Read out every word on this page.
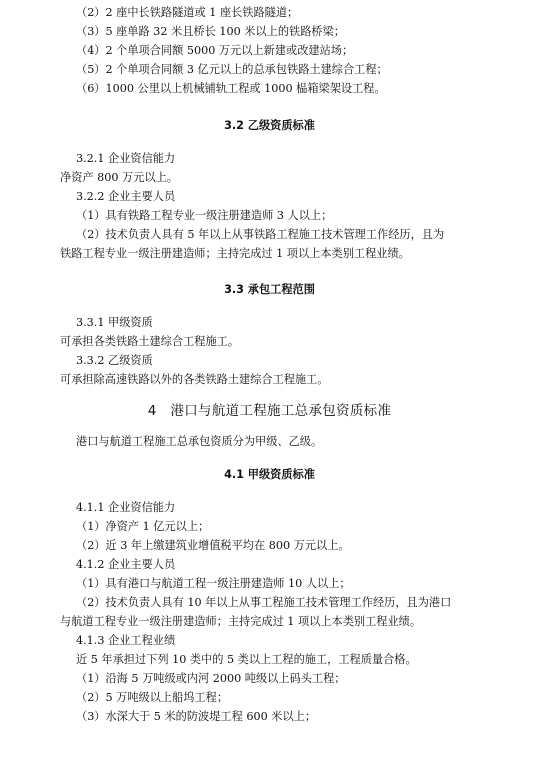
（2）2 座中长铁路隧道或 1 座长铁路隧道；
（3）5 座单路 32 米且桥长 100 米以上的铁路桥梁；
（4）2 个单项合同额 5000 万元以上新建或改建站场；
（5）2 个单项合同额 3 亿元以上的总承包铁路土建综合工程；
（6）1000 公里以上机械铺轨工程或 1000 榀箱梁架设工程。
3.2 乙级资质标准
3.2.1 企业资信能力
净资产 800 万元以上。
3.2.2 企业主要人员
（1）具有铁路工程专业一级注册建造师 3 人以上；
（2）技术负责人具有 5 年以上从事铁路工程施工技术管理工作经历，且为
铁路工程专业一级注册建造师；主持完成过 1 项以上本类别工程业绩。
3.3 承包工程范围
3.3.1 甲级资质
可承担各类铁路土建综合工程施工。
3.3.2 乙级资质
可承担除高速铁路以外的各类铁路土建综合工程施工。
4　港口与航道工程施工总承包资质标准
港口与航道工程施工总承包资质分为甲级、乙级。
4.1 甲级资质标准
4.1.1 企业资信能力
（1）净资产 1 亿元以上；
（2）近 3 年上缴建筑业增值税平均在 800 万元以上。
4.1.2 企业主要人员
（1）具有港口与航道工程一级注册建造师 10 人以上；
（2）技术负责人具有 10 年以上从事工程施工技术管理工作经历，且为港口
与航道工程专业一级注册建造师；主持完成过 1 项以上本类别工程业绩。
4.1.3 企业工程业绩
近 5 年承担过下列 10 类中的 5 类以上工程的施工，工程质量合格。
（1）沿海 5 万吨级或内河 2000 吨级以上码头工程；
（2）5 万吨级以上船坞工程；
（3）水深大于 5 米的防波堤工程 600 米以上；
